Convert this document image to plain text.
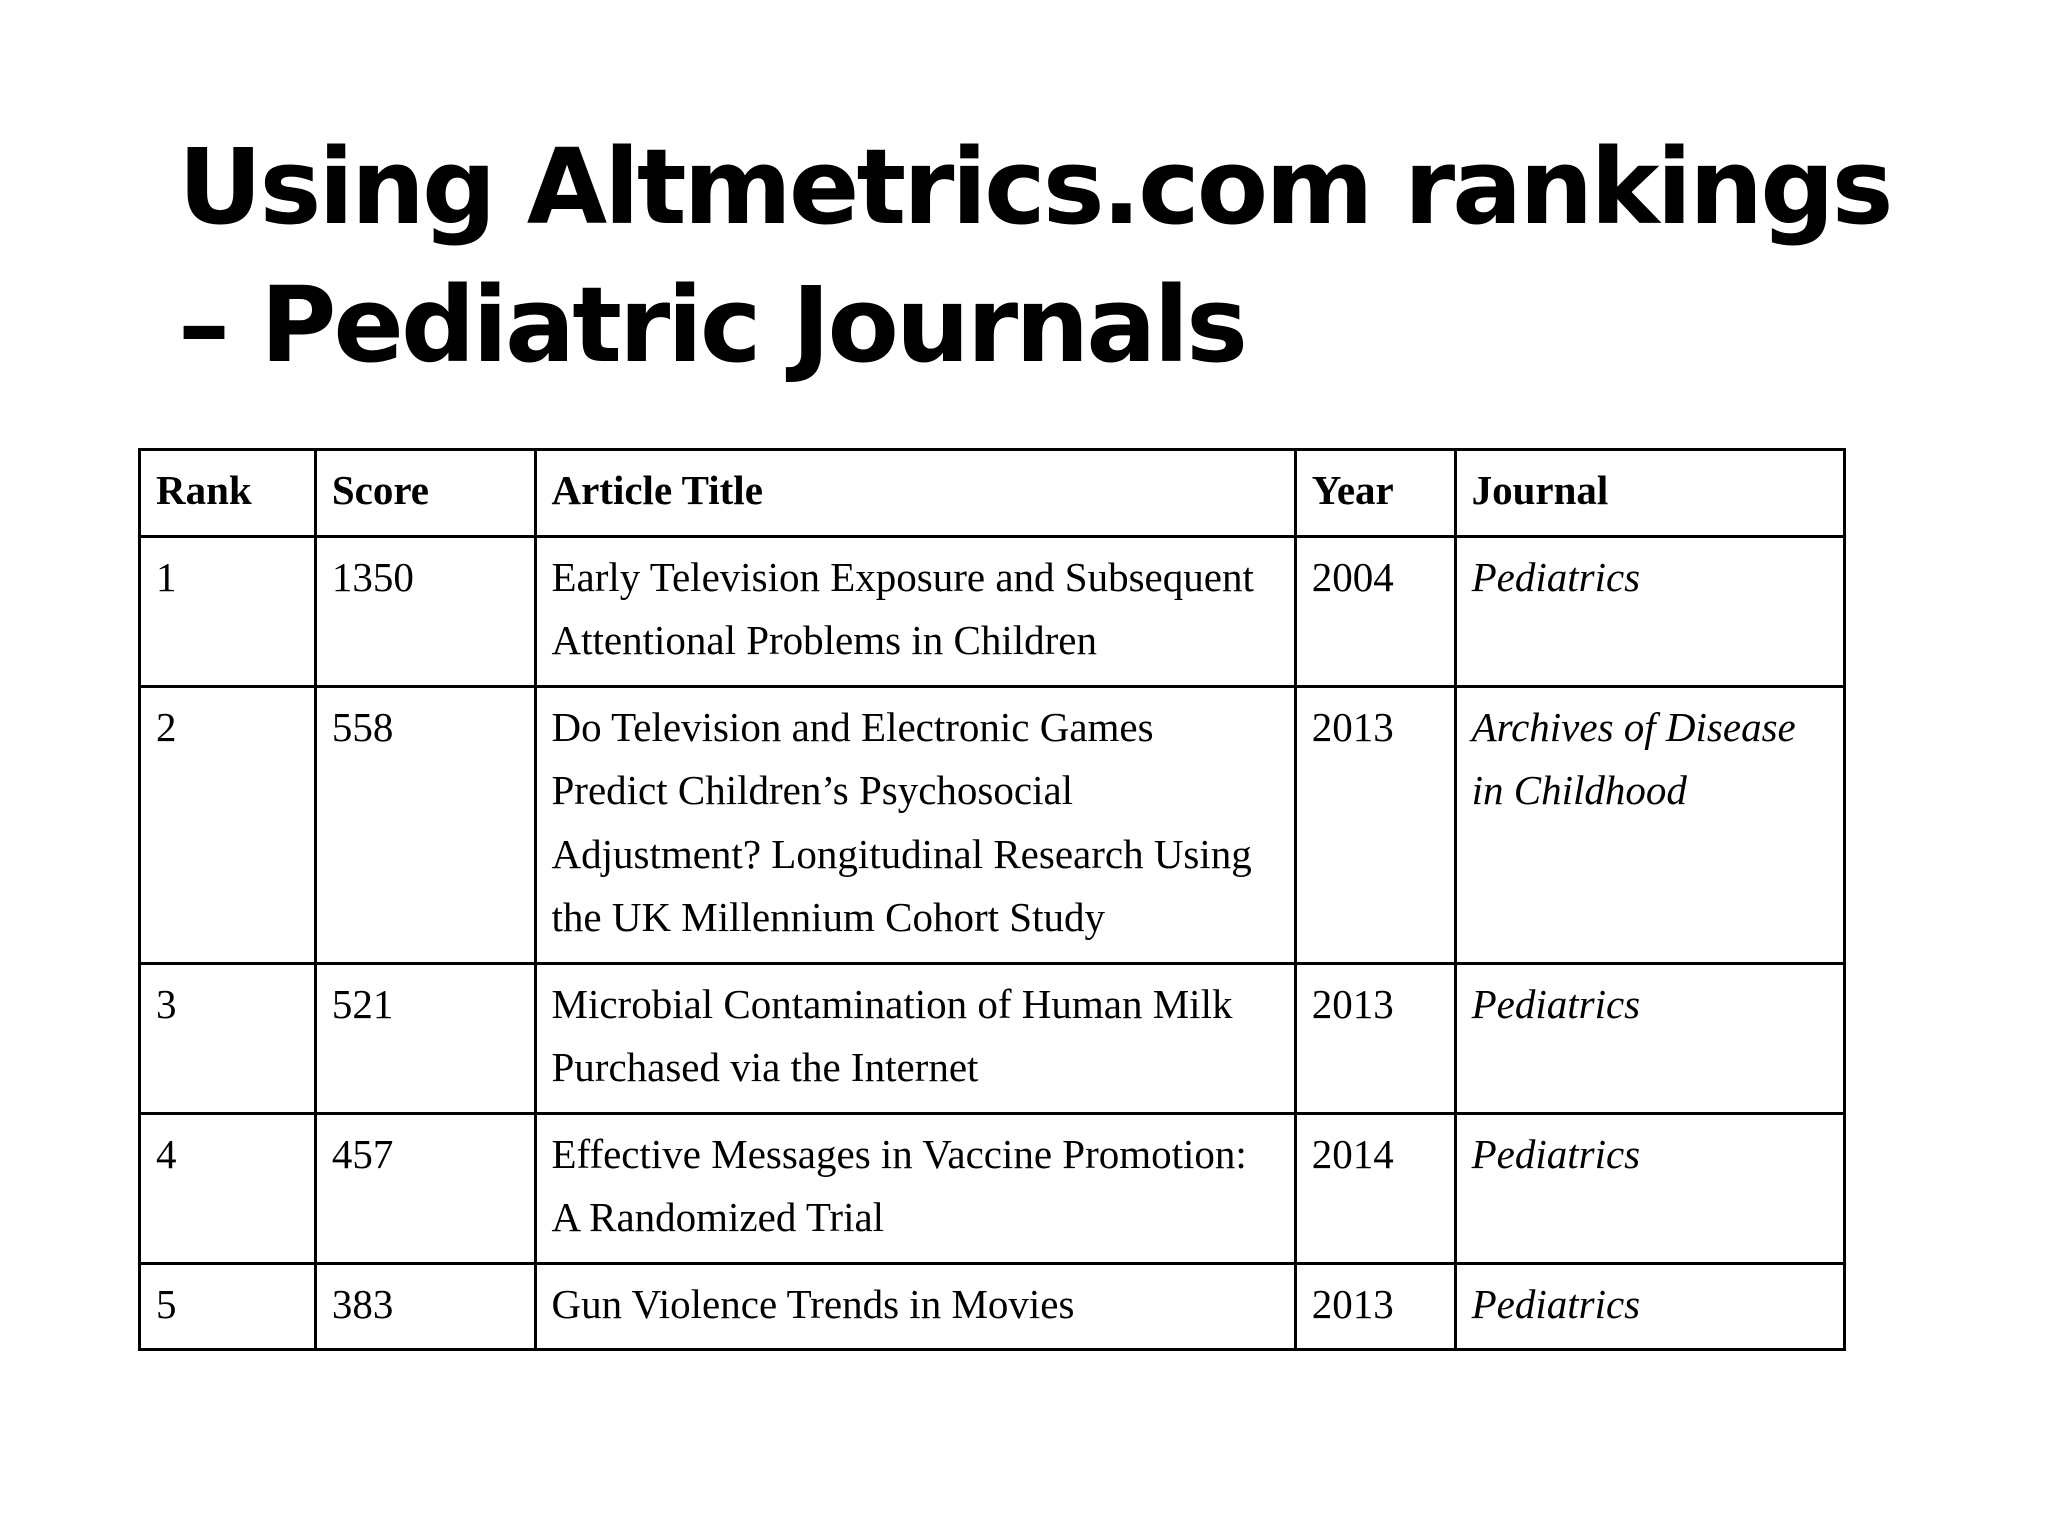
Using Altmetrics.com rankings
– Pediatric Journals
Rank	Score	Article Title	Year	Journal
1	1350	Early Television Exposure and Subsequent Attentional Problems in Children	2004	Pediatrics
2	558	Do Television and Electronic Games Predict Children’s Psychosocial Adjustment? Longitudinal Research Using the UK Millennium Cohort Study	2013	Archives of Disease in Childhood
3	521	Microbial Contamination of Human Milk Purchased via the Internet	2013	Pediatrics
4	457	Effective Messages in Vaccine Promotion: A Randomized Trial	2014	Pediatrics
5	383	Gun Violence Trends in Movies	2013	Pediatrics
